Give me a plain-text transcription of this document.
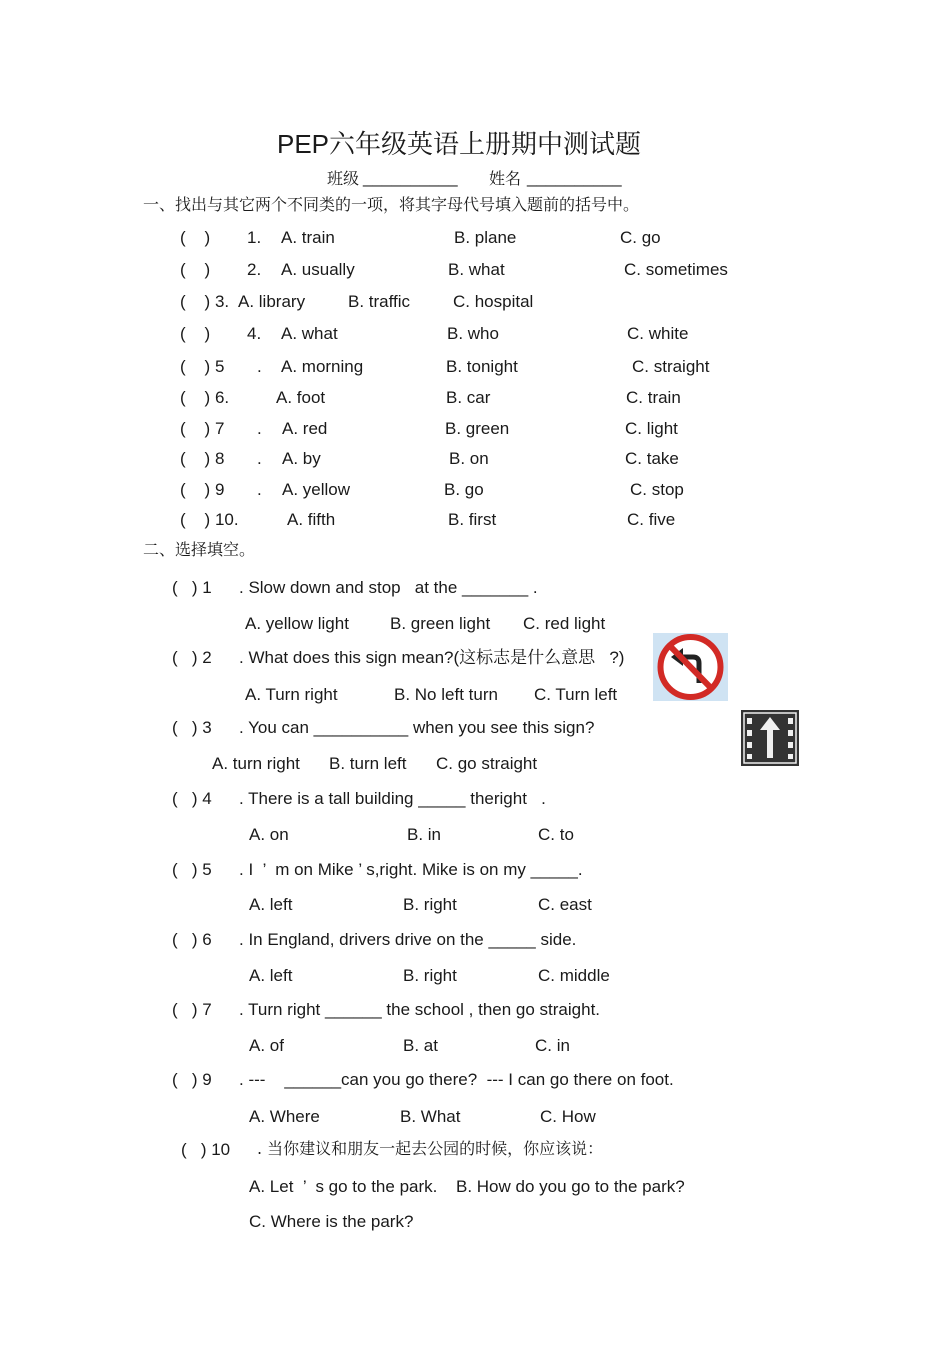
PEP六年级英语上册期中测试题
班级 __________ 姓名 __________
一、找出与其它两个不同类的一项，将其字母代号填入题前的括号中。
(    ) 1. A. train	B. plane	C. go
(    ) 2. A. usually	B. what	C. sometimes
(    ) 3. A. library	B. traffic	C. hospital
(    ) 4. A. what	B. who	C. white
(    ) 5 . A. morning	B. tonight	C. straight
(    ) 6.	A. foot	B. car	C. train
(    ) 7 . A. red	B. green	C. light
(    ) 8 . A. by	B. on	C. take
(    ) 9 . A. yellow	B. go	C. stop
(    ) 10.	A. fifth	B. first	C. five
二、选择填空。
(   ) 1 . Slow down and stop   at the _______ .
A. yellow light B. green light C. red light
(   ) 2 . What does this sign mean?(这标志是什么意思   ?)
A. Turn right	B. No left turn C. Turn left
(   ) 3 . You can __________ when you see this sign?
A. turn right B. turn left C. go straight
(   ) 4 . There is a tall building _____ theright   .
A. on	B. in	C. to
(   ) 5 . I  ’  m on Mike ’ s,right. Mike is on my _____.
A. left	B. right	C. east
(   ) 6 . In England, drivers drive on the _____ side.
A. left	B. right	C. middle
(   ) 7 . Turn right ______ the school , then go straight.
A. of	B. at	C. in
(   ) 9 . ---    ______can you go there?  --- I can go there on foot.
A. Where	B. What	C. How
(   ) 10 . 当你建议和朋友一起去公园的时候，你应该说：
A. Let  ’  s go to the park. B. How do you go to the park?
C. Where is the park?
